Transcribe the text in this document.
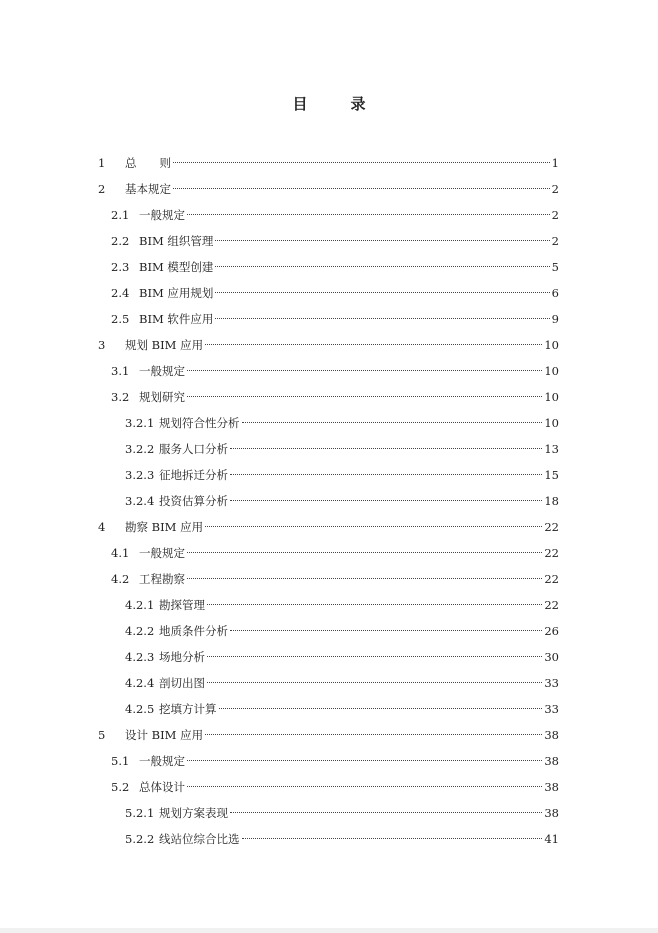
目　录
1	总　　则	1
2	基本规定	2
2.1 一般规定	2
2.2 BIM 组织管理	2
2.3 BIM 模型创建	5
2.4 BIM 应用规划	6
2.5 BIM 软件应用	9
3	规划 BIM 应用	10
3.1 一般规定	10
3.2 规划研究	10
3.2.1 规划符合性分析	10
3.2.2 服务人口分析	13
3.2.3 征地拆迁分析	15
3.2.4 投资估算分析	18
4	勘察 BIM 应用	22
4.1 一般规定	22
4.2 工程勘察	22
4.2.1 勘探管理	22
4.2.2 地质条件分析	26
4.2.3 场地分析	30
4.2.4 剖切出图	33
4.2.5 挖填方计算	33
5	设计 BIM 应用	38
5.1 一般规定	38
5.2 总体设计	38
5.2.1 规划方案表现	38
5.2.2 线站位综合比选	41
